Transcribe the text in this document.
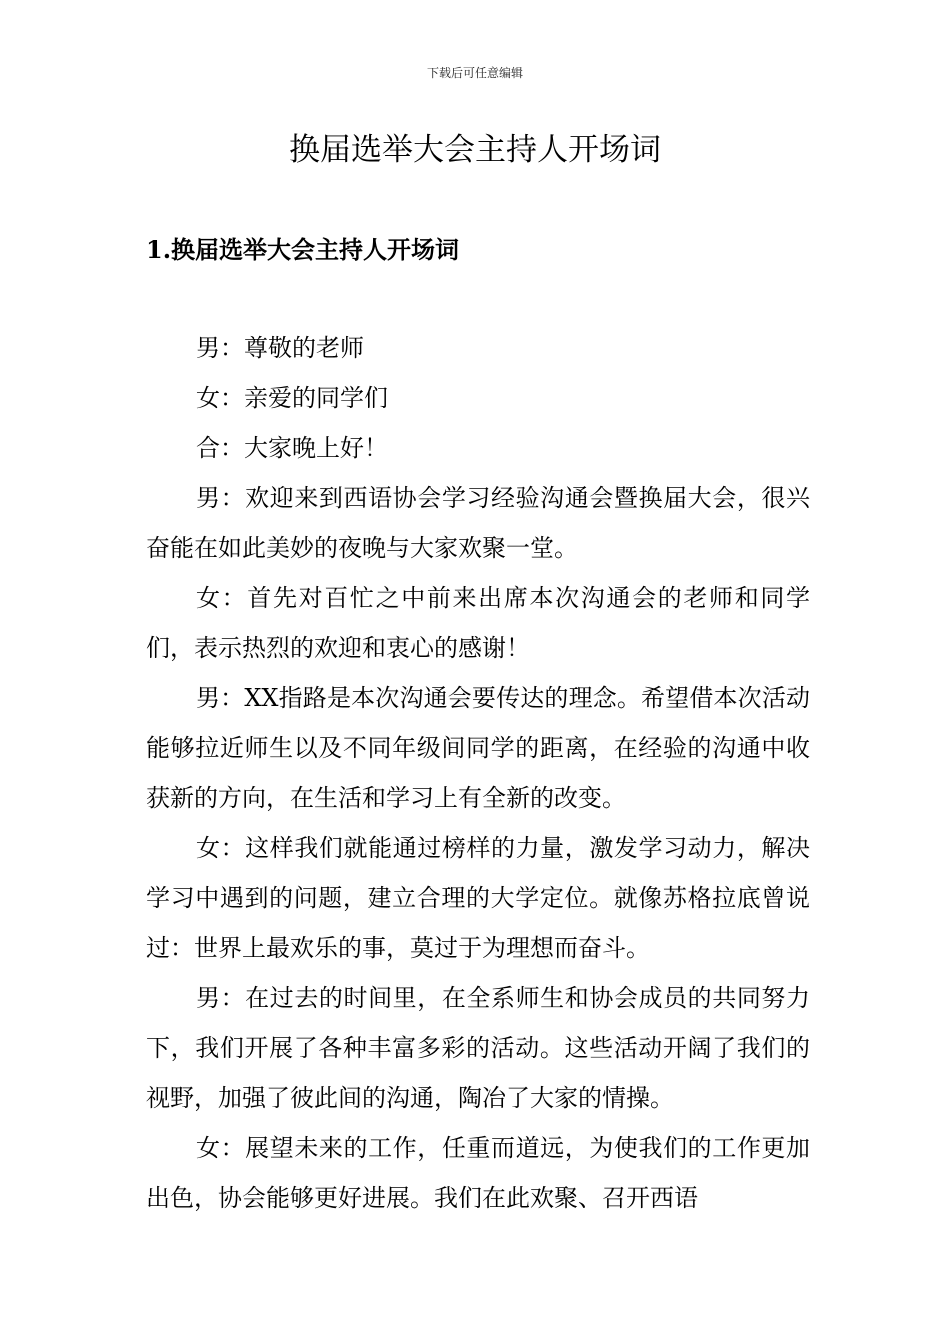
下载后可任意编辑
换届选举大会主持人开场词
1.换届选举大会主持人开场词

男：尊敬的老师

女：亲爱的同学们

合：大家晚上好！

男：欢迎来到西语协会学习经验沟通会暨换届大会，很兴奋能在如此美妙的夜晚与大家欢聚一堂。

女：首先对百忙之中前来出席本次沟通会的老师和同学们，表示热烈的欢迎和衷心的感谢！

男：XX指路是本次沟通会要传达的理念。希望借本次活动能够拉近师生以及不同年级间同学的距离，在经验的沟通中收获新的方向，在生活和学习上有全新的改变。

女：这样我们就能通过榜样的力量，激发学习动力，解决学习中遇到的问题，建立合理的大学定位。就像苏格拉底曾说过：世界上最欢乐的事，莫过于为理想而奋斗。

男：在过去的时间里，在全系师生和协会成员的共同努力下，我们开展了各种丰富多彩的活动。这些活动开阔了我们的视野，加强了彼此间的沟通，陶冶了大家的情操。

女：展望未来的工作，任重而道远，为使我们的工作更加出色，协会能够更好进展。我们在此欢聚、召开西语
